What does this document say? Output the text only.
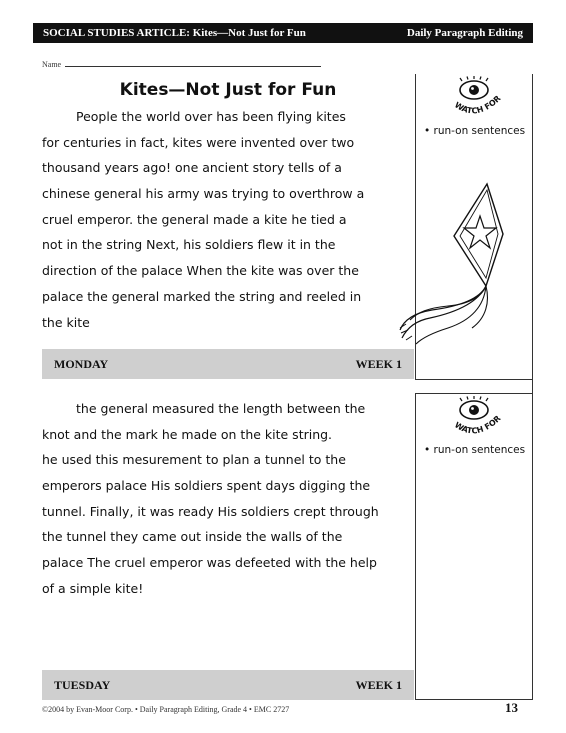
SOCIAL STUDIES ARTICLE: Kites—Not Just for Fun	Daily Paragraph Editing
Name
Kites—Not Just for Fun
People the world over has been flying kites
for centuries in fact, kites were invented over two
thousand years ago! one ancient story tells of a
chinese general his army was trying to overthrow a
cruel emperor. the general made a kite he tied a
not in the string Next, his soldiers flew it in the
direction of the palace When the kite was over the
palace the general marked the string and reeled in
the kite
MONDAY	WEEK 1
WATCH FOR
• run-on sentences
the general measured the length between the
knot and the mark he made on the kite string.
he used this mesurement to plan a tunnel to the
emperors palace His soldiers spent days digging the
tunnel. Finally, it was ready His soldiers crept through
the tunnel they came out inside the walls of the
palace The cruel emperor was defeeted with the help
of a simple kite!
TUESDAY	WEEK 1
WATCH FOR
• run-on sentences
©2004 by Evan-Moor Corp. • Daily Paragraph Editing, Grade 4 • EMC 2727	13
